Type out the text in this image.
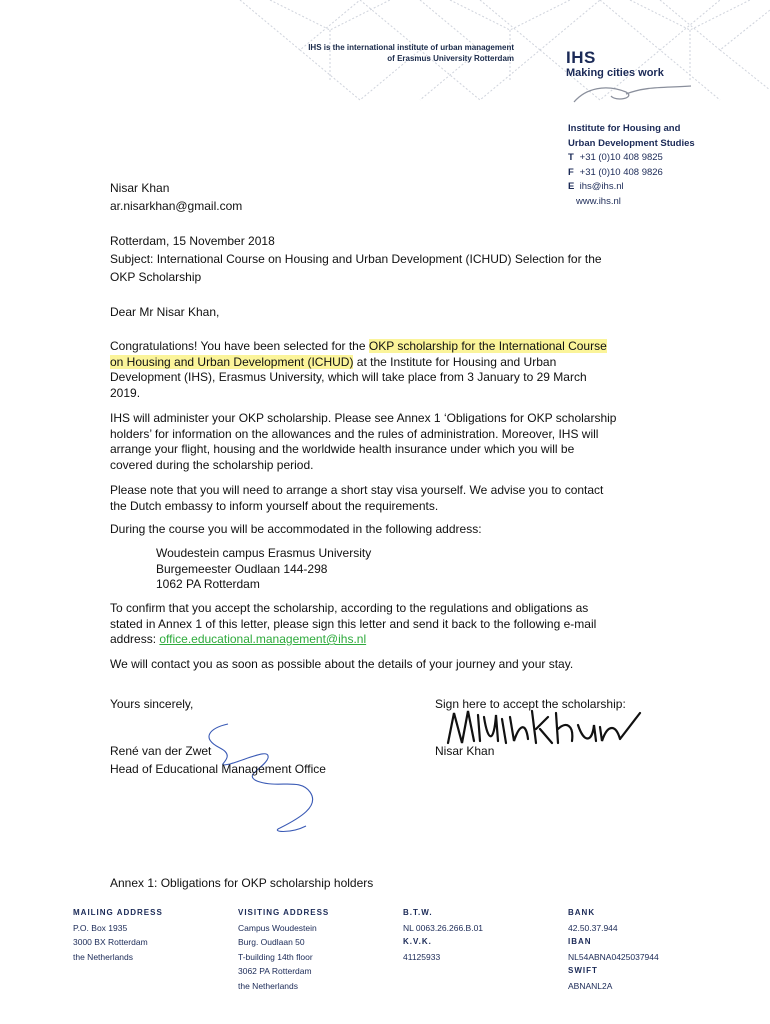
IHS is the international institute of urban management
of Erasmus University Rotterdam	IHS
Making cities work
Institute for Housing and
Urban Development Studies
T +31 (0)10 408 9825
F +31 (0)10 408 9826
E ihs@ihs.nl
www.ihs.nl
Nisar Khan
ar.nisarkhan@gmail.com
Rotterdam, 15 November 2018
Subject: International Course on Housing and Urban Development (ICHUD) Selection for the
OKP Scholarship
Dear Mr Nisar Khan,
Congratulations! You have been selected for the OKP scholarship for the International Course
on Housing and Urban Development (ICHUD) at the Institute for Housing and Urban
Development (IHS), Erasmus University, which will take place from 3 January to 29 March
2019.
IHS will administer your OKP scholarship. Please see Annex 1 ‘Obligations for OKP scholarship
holders’ for information on the allowances and the rules of administration. Moreover, IHS will
arrange your flight, housing and the worldwide health insurance under which you will be
covered during the scholarship period.
Please note that you will need to arrange a short stay visa yourself. We advise you to contact
the Dutch embassy to inform yourself about the requirements.
During the course you will be accommodated in the following address:
Woudestein campus Erasmus University
Burgemeester Oudlaan 144-298
1062 PA Rotterdam
To confirm that you accept the scholarship, according to the regulations and obligations as
stated in Annex 1 of this letter, please sign this letter and send it back to the following e-mail
address: office.educational.management@ihs.nl
We will contact you as soon as possible about the details of your journey and your stay.
Yours sincerely,	Sign here to accept the scholarship:
René van der Zwet	Nisar Khan
Head of Educational Management Office
Annex 1: Obligations for OKP scholarship holders
MAILING ADDRESS
P.O. Box 1935
3000 BX Rotterdam
the Netherlands
VISITING ADDRESS
Campus Woudestein
Burg. Oudlaan 50
T-building 14th floor
3062 PA Rotterdam
the Netherlands
B.T.W.
NL 0063.26.266.B.01
K.V.K.
41125933
BANK
42.50.37.944
IBAN
NL54ABNA0425037944
SWIFT
ABNANL2A
